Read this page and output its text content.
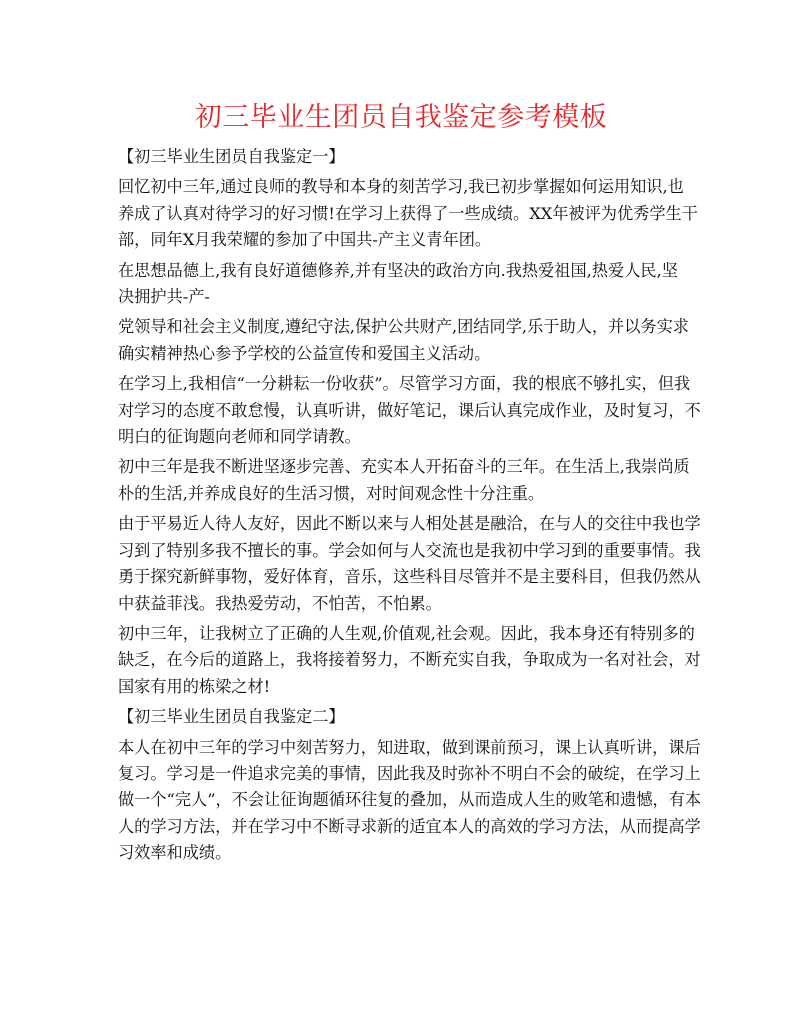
初三毕业生团员自我鉴定参考模板
【初三毕业生团员自我鉴定一】
回忆初中三年,通过良师的教导和本身的刻苦学习,我已初步掌握如何运用知识,也
养成了认真对待学习的好习惯!在学习上获得了一些成绩。XX年被评为优秀学生干
部，同年X月我荣耀的参加了中国共-产主义青年团。
在思想品德上,我有良好道德修养,并有坚决的政治方向.我热爱祖国,热爱人民,坚
决拥护共-产-
党领导和社会主义制度,遵纪守法,保护公共财产,团结同学,乐于助人，并以务实求
确实精神热心参予学校的公益宣传和爱国主义活动。
在学习上,我相信“一分耕耘一份收获”。尽管学习方面，我的根底不够扎实，但我
对学习的态度不敢怠慢，认真听讲，做好笔记，课后认真完成作业，及时复习，不
明白的征询题向老师和同学请教。
初中三年是我不断进坚逐步完善、充实本人开拓奋斗的三年。在生活上,我崇尚质
朴的生活,并养成良好的生活习惯，对时间观念性十分注重。
由于平易近人待人友好，因此不断以来与人相处甚是融洽，在与人的交往中我也学
习到了特别多我不擅长的事。学会如何与人交流也是我初中学习到的重要事情。我
勇于探究新鲜事物，爱好体育，音乐，这些科目尽管并不是主要科目，但我仍然从
中获益菲浅。我热爱劳动，不怕苦，不怕累。
初中三年，让我树立了正确的人生观,价值观,社会观。因此，我本身还有特别多的
缺乏，在今后的道路上，我将接着努力，不断充实自我，争取成为一名对社会，对
国家有用的栋梁之材!
【初三毕业生团员自我鉴定二】
本人在初中三年的学习中刻苦努力，知进取，做到课前预习，课上认真听讲，课后
复习。学习是一件追求完美的事情，因此我及时弥补不明白不会的破绽，在学习上
做一个“完人”，不会让征询题循环往复的叠加，从而造成人生的败笔和遗憾，有本
人的学习方法，并在学习中不断寻求新的适宜本人的高效的学习方法，从而提高学
习效率和成绩。
